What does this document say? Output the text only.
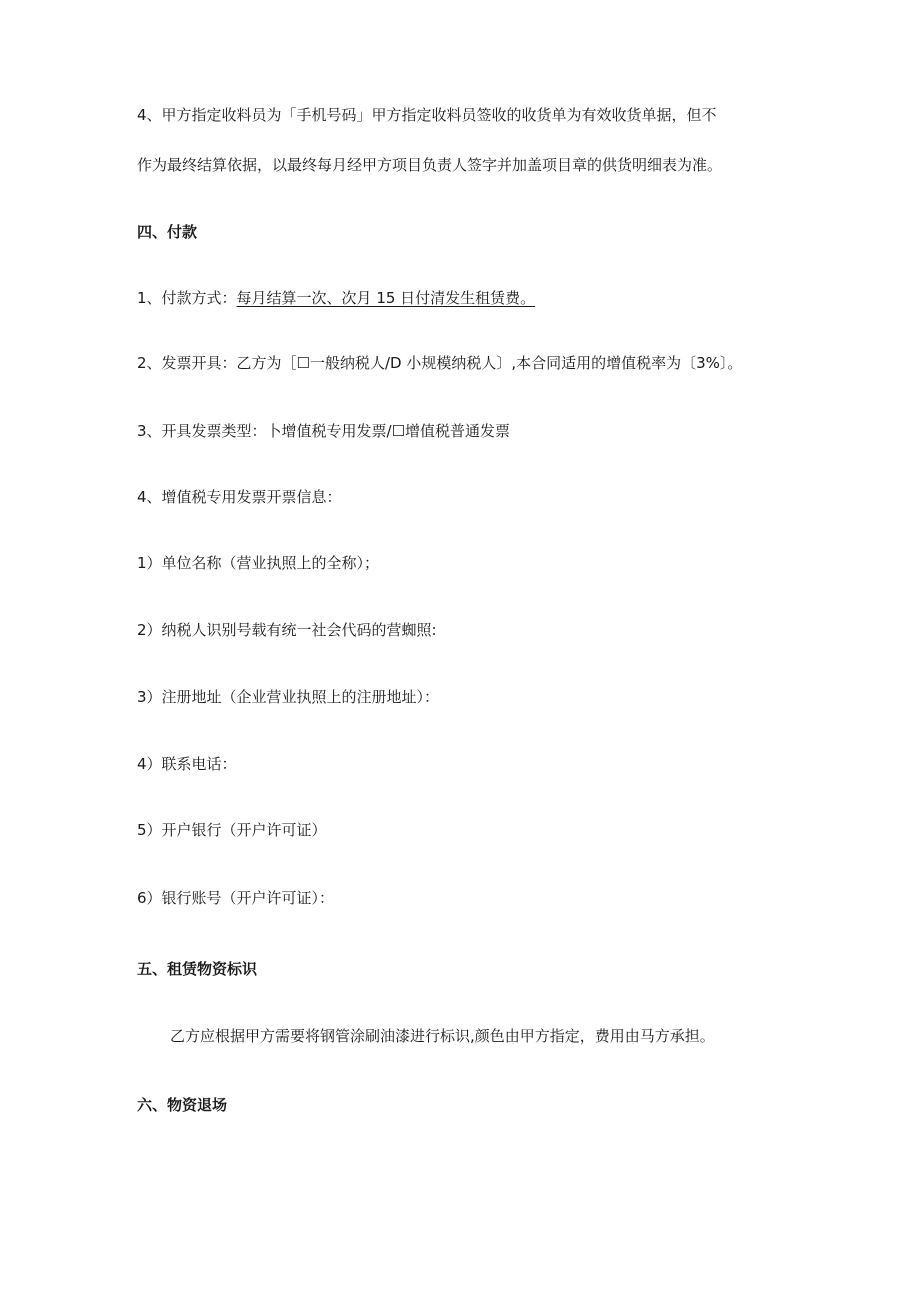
4、甲方指定收料员为「手机号码」甲方指定收料员签收的收货单为有效收货单据，但不
作为最终结算依据，以最终每月经甲方项目负责人签字并加盖项目章的供货明细表为准。
四、付款
1、付款方式：每月结算一次、次月 15 日付清发生租赁费。
2、发票开具：乙方为［☐一般纳税人/D 小规模纳税人〕,本合同适用的增值税率为〔3%〕。
3、开具发票类型：卜增值税专用发票/☐增值税普通发票
4、增值税专用发票开票信息：
1）单位名称（营业执照上的全称）；
2）纳税人识别号载有统一社会代码的营蜘照:
3）注册地址（企业营业执照上的注册地址）：
4）联系电话：
5）开户银行（开户许可证）
6）银行账号（开户许可证）：
五、租赁物资标识
乙方应根据甲方需要将钢管涂刷油漆进行标识,颜色由甲方指定，费用由马方承担。
六、物资退场
